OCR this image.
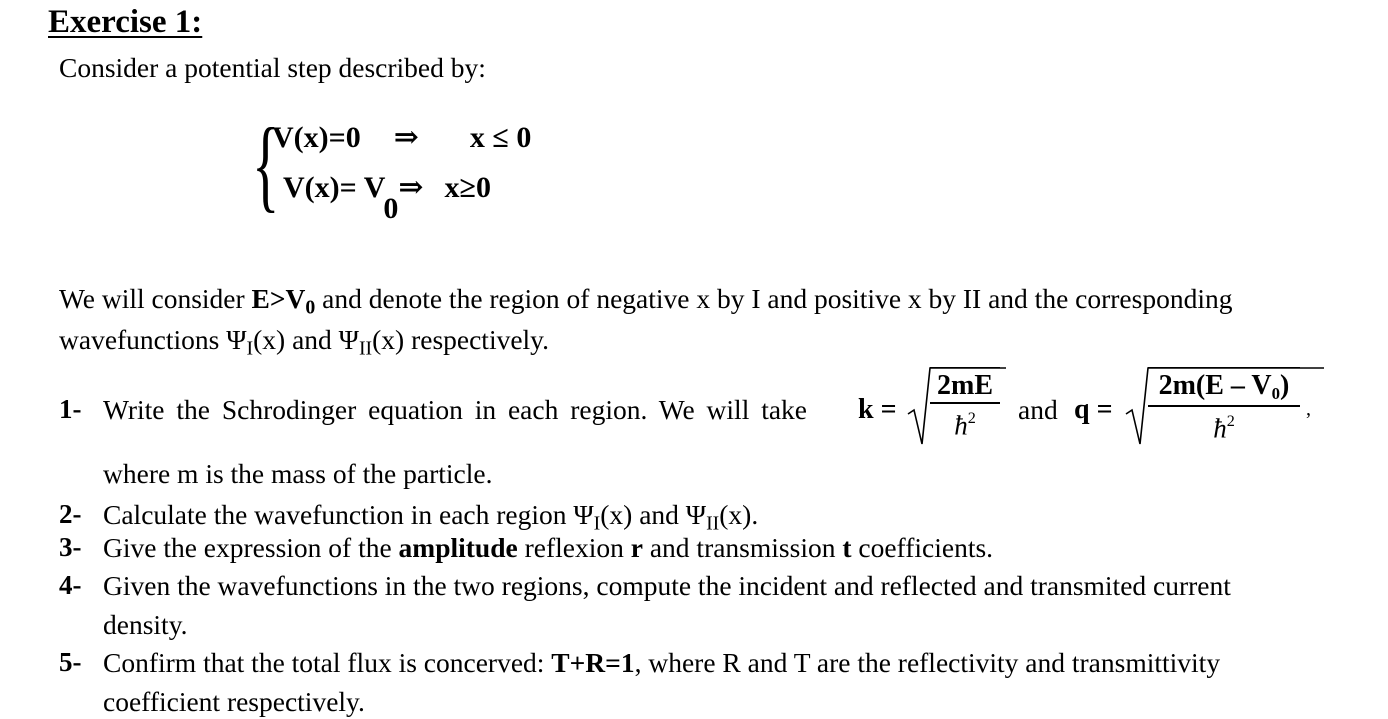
Exercise 1:
Consider a potential step described by:
{
V(x)=0 ⇒ x ≤ 0
V(x)= V0⇒ x≥0
We will consider $E>V_0$ and denote the region of negative x by I and positive x by II and the corresponding
wavefunctions $\Psi_I(x)$ and $\Psi_{II}(x)$ respectively.
1- Write the Schrodinger equation in each region. We will take k =
2mE
$ħ^2$ and q =
2m(E – V0)
$ħ^2$
,
where m is the mass of the particle.
2- Calculate the wavefunction in each region $\Psi_I(x)$ and $\Psi_{II}(x)$.
3- Give the expression of the amplitude reflexion r and transmission t coefficients.
4- Given the wavefunctions in the two regions, compute the incident and reflected and transmited current
density.
5- Confirm that the total flux is concerved: T+R=1, where R and T are the reflectivity and transmittivity
coefficient respectively.
